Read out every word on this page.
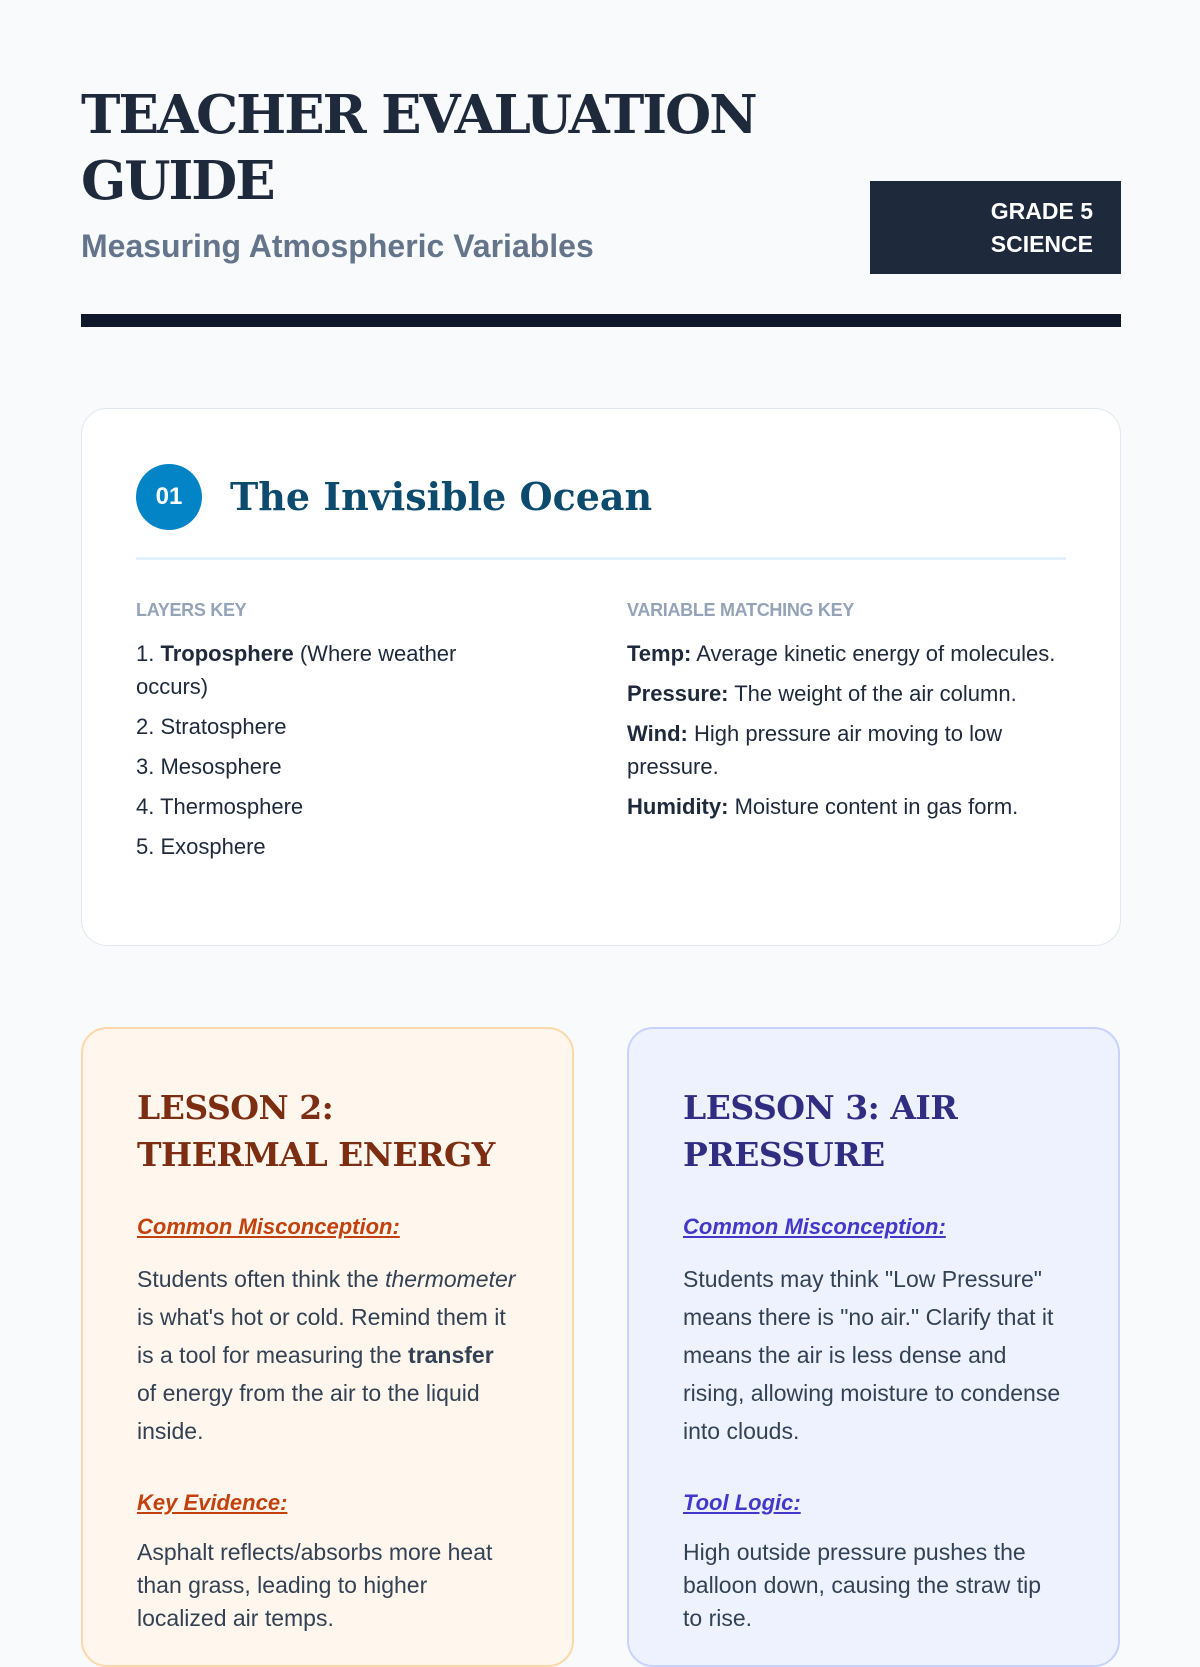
TEACHER EVALUATION GUIDE
Measuring Atmospheric Variables
GRADE 5
SCIENCE
01	The Invisible Ocean

LAYERS KEY

1. Troposphere (Where weather occurs)
2. Stratosphere
3. Mesosphere
4. Thermosphere
5. Exosphere

VARIABLE MATCHING KEY

Temp: Average kinetic energy of molecules.
Pressure: The weight of the air column.
Wind: High pressure air moving to low pressure.
Humidity: Moisture content in gas form.
LESSON 2: THERMAL ENERGY

Common Misconception:

Students often think the thermometer is what's hot or cold. Remind them it is a tool for measuring the transfer of energy from the air to the liquid inside.

Key Evidence:

Asphalt reflects/absorbs more heat than grass, leading to higher localized air temps.

LESSON 3: AIR PRESSURE

Common Misconception:

Students may think "Low Pressure" means there is "no air." Clarify that it means the air is less dense and rising, allowing moisture to condense into clouds.

Tool Logic:

High outside pressure pushes the balloon down, causing the straw tip to rise.
